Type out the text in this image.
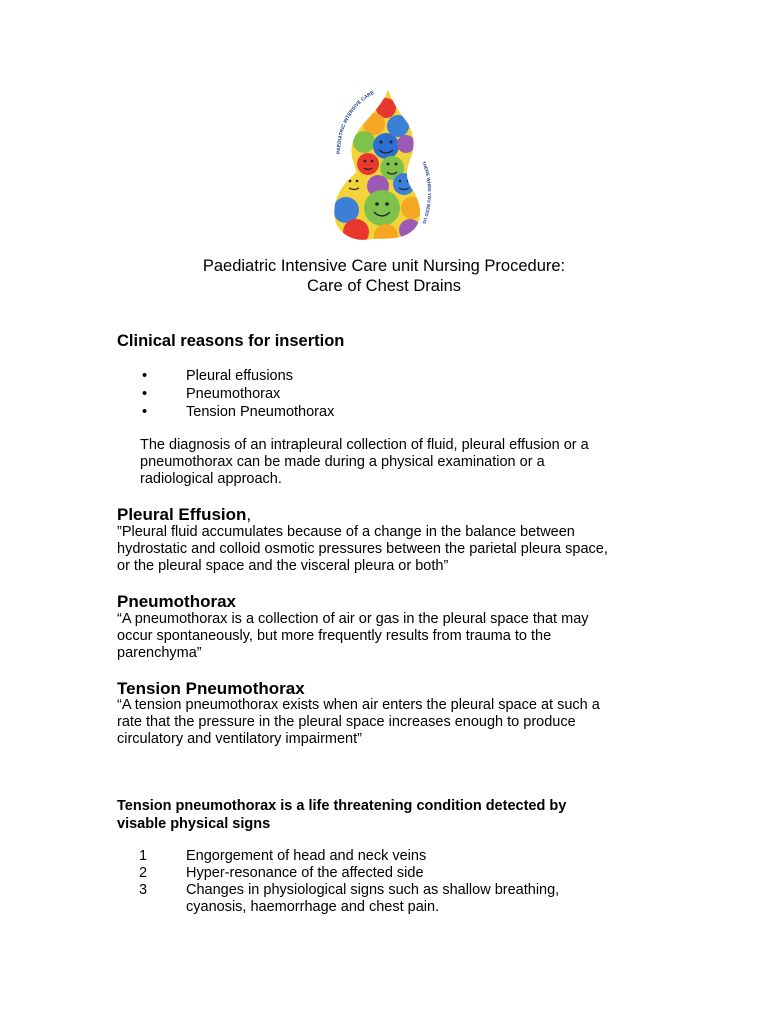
PAEDIATRIC INTENSIVE CARE
THERE WHEN YOU NEED US
Paediatric Intensive Care unit Nursing Procedure:
Care of Chest Drains
Clinical reasons for insertion
•	Pleural effusions
•	Pneumothorax
•	Tension Pneumothorax
The diagnosis of an intrapleural collection of fluid, pleural effusion or a
pneumothorax can be made during a physical examination or a
radiological approach.
Pleural Effusion,
”Pleural fluid accumulates because of a change in the balance between
hydrostatic and colloid osmotic pressures between the parietal pleura space,
or the pleural space and the visceral pleura or both”
Pneumothorax
“A pneumothorax is a collection of air or gas in the pleural space that may
occur spontaneously, but more frequently results from trauma to the
parenchyma”
Tension Pneumothorax
“A tension pneumothorax exists when air enters the pleural space at such a
rate that the pressure in the pleural space increases enough to produce
circulatory and ventilatory impairment”
Tension pneumothorax is a life threatening condition detected by
visable physical signs
1	Engorgement of head and neck veins
2	Hyper-resonance of the affected side
3	Changes in physiological signs such as shallow breathing,
cyanosis, haemorrhage and chest pain.
